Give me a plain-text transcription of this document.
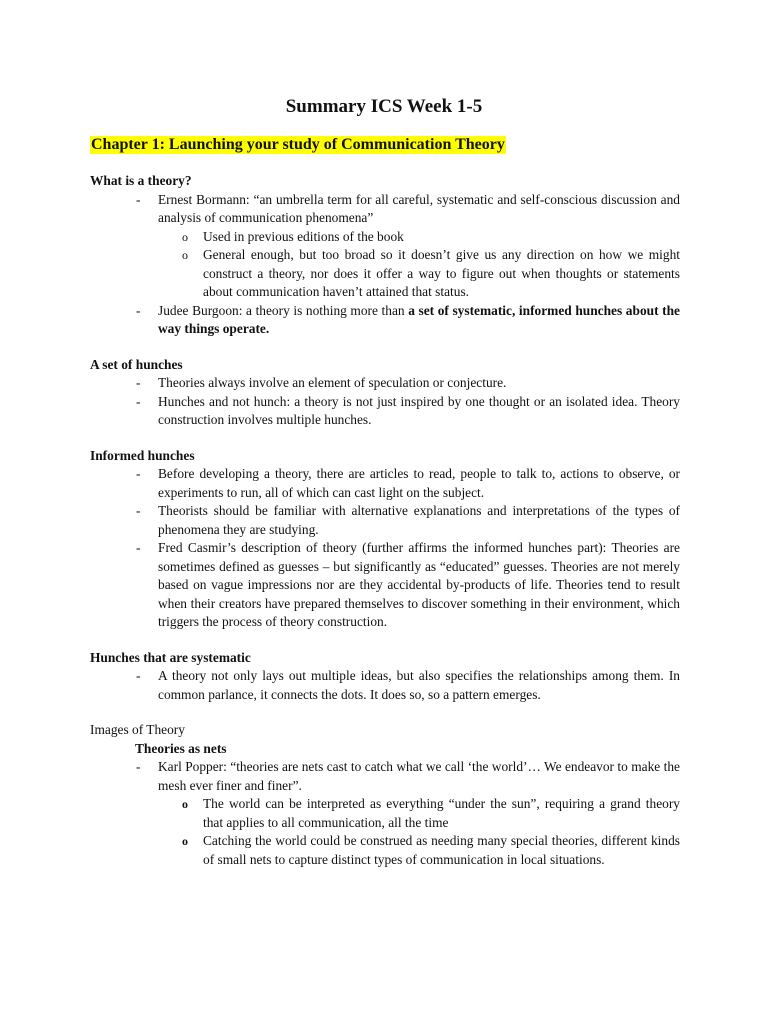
Summary ICS Week 1-5
Chapter 1: Launching your study of Communication Theory

What is a theory?

- Ernest Bormann: “an umbrella term for all careful, systematic and self-conscious discussion and analysis of communication phenomena”

o Used in previous editions of the book

o General enough, but too broad so it doesn’t give us any direction on how we might construct a theory, nor does it offer a way to figure out when thoughts or statements about communication haven’t attained that status.

- Judee Burgoon: a theory is nothing more than a set of systematic, informed hunches about the way things operate.

A set of hunches

- Theories always involve an element of speculation or conjecture.

- Hunches and not hunch: a theory is not just inspired by one thought or an isolated idea. Theory construction involves multiple hunches.

Informed hunches

- Before developing a theory, there are articles to read, people to talk to, actions to observe, or experiments to run, all of which can cast light on the subject.

- Theorists should be familiar with alternative explanations and interpretations of the types of phenomena they are studying.

- Fred Casmir’s description of theory (further affirms the informed hunches part): Theories are sometimes defined as guesses – but significantly as “educated” guesses. Theories are not merely based on vague impressions nor are they accidental by-products of life. Theories tend to result when their creators have prepared themselves to discover something in their environment, which triggers the process of theory construction.

Hunches that are systematic

- A theory not only lays out multiple ideas, but also specifies the relationships among them. In common parlance, it connects the dots. It does so, so a pattern emerges.

Images of Theory

Theories as nets

- Karl Popper: “theories are nets cast to catch what we call ‘the world’… We endeavor to make the mesh ever finer and finer”.

o The world can be interpreted as everything “under the sun”, requiring a grand theory that applies to all communication, all the time

o Catching the world could be construed as needing many special theories, different kinds of small nets to capture distinct types of communication in local situations.
